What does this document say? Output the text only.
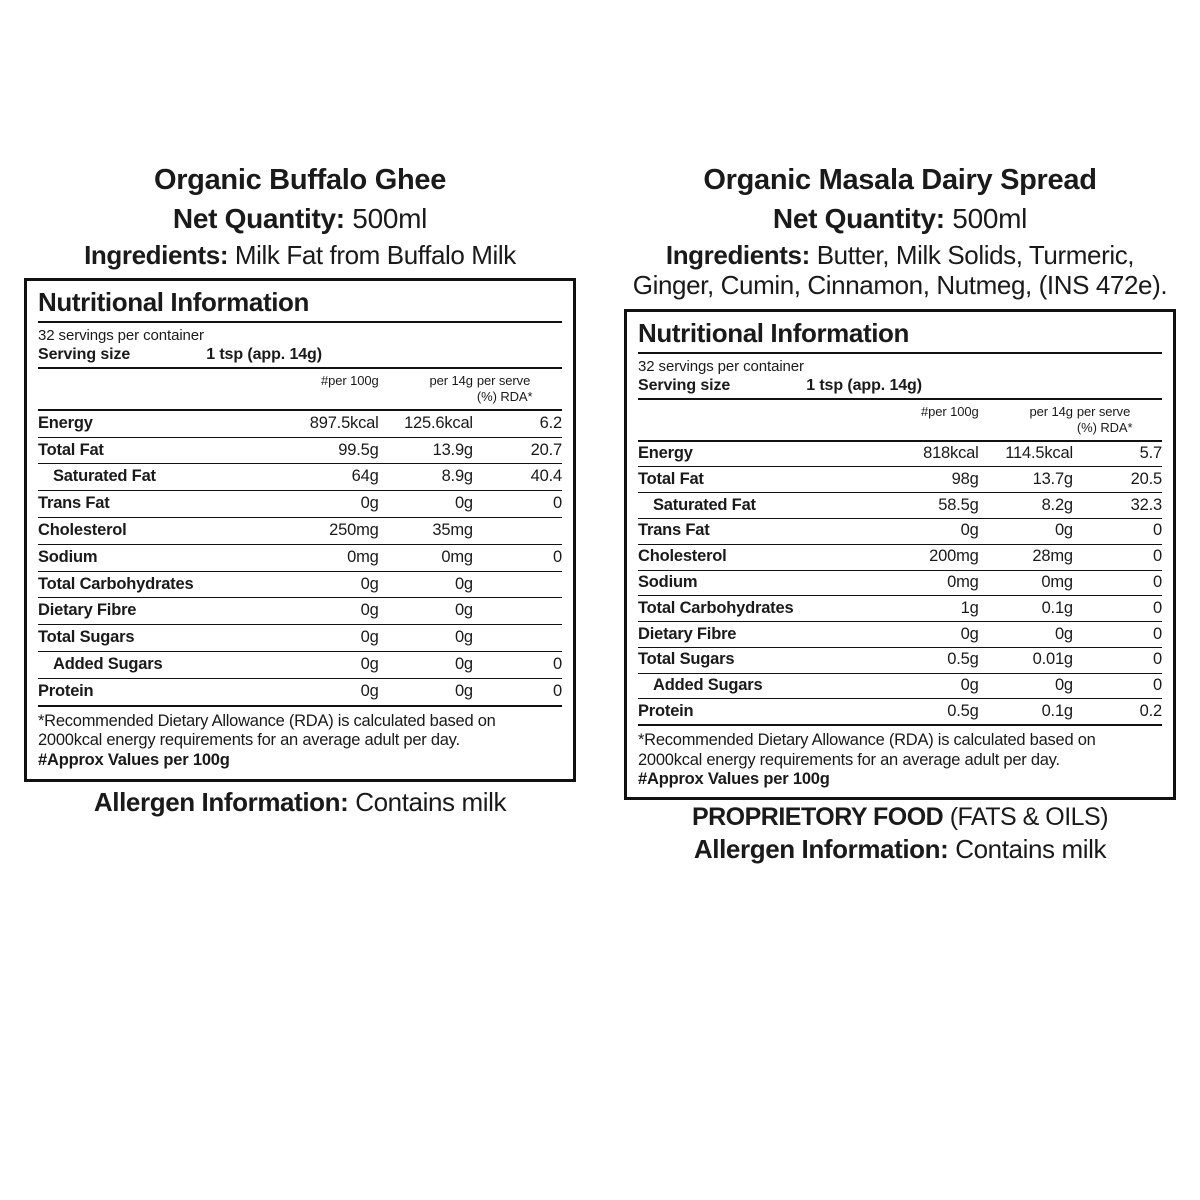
Organic Buffalo Ghee
Net Quantity: 500ml
Ingredients: Milk Fat from Buffalo Milk
Nutritional Information
32 servings per container
Serving size	1 tsp (app. 14g)
	#per 100g	per 14g	per serve
(%) RDA*
Energy	897.5kcal	125.6kcal	6.2
Total Fat	99.5g	13.9g	20.7
Saturated Fat	64g	8.9g	40.4
Trans Fat	0g	0g	0
Cholesterol	250mg	35mg	
Sodium	0mg	0mg	0
Total Carbohydrates	0g	0g	
Dietary Fibre	0g	0g	
Total Sugars	0g	0g	
Added Sugars	0g	0g	0
Protein	0g	0g	0
*Recommended Dietary Allowance (RDA) is calculated based on 2000kcal energy requirements for an average adult per day.
#Approx Values per 100g
Allergen Information: Contains milk
Organic Masala Dairy Spread
Net Quantity: 500ml
Ingredients: Butter, Milk Solids, Turmeric, Ginger, Cumin, Cinnamon, Nutmeg, (INS 472e).
Nutritional Information
32 servings per container
Serving size	1 tsp (app. 14g)
	#per 100g	per 14g	per serve
(%) RDA*
Energy	818kcal	114.5kcal	5.7
Total Fat	98g	13.7g	20.5
Saturated Fat	58.5g	8.2g	32.3
Trans Fat	0g	0g	0
Cholesterol	200mg	28mg	0
Sodium	0mg	0mg	0
Total Carbohydrates	1g	0.1g	0
Dietary Fibre	0g	0g	0
Total Sugars	0.5g	0.01g	0
Added Sugars	0g	0g	0
Protein	0.5g	0.1g	0.2
*Recommended Dietary Allowance (RDA) is calculated based on 2000kcal energy requirements for an average adult per day.
#Approx Values per 100g
PROPRIETORY FOOD (FATS & OILS)
Allergen Information: Contains milk
